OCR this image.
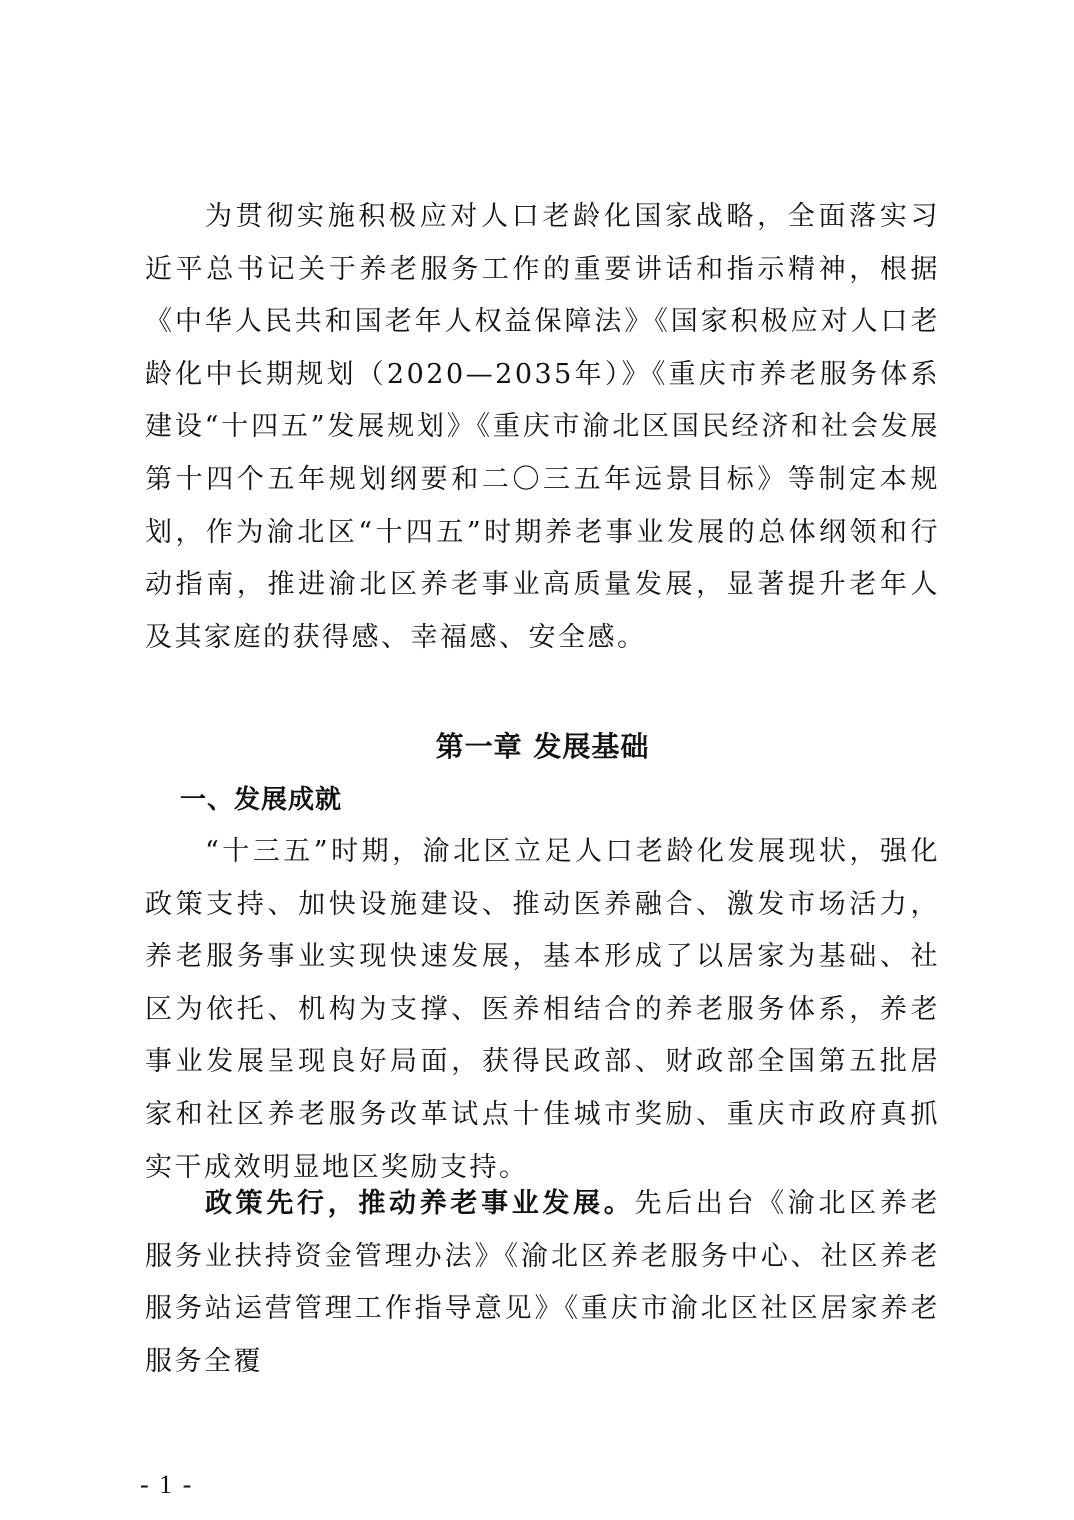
为贯彻实施积极应对人口老龄化国家战略，全面落实习近平总书记关于养老服务工作的重要讲话和指示精神，根据《中华人民共和国老年人权益保障法》《国家积极应对人口老龄化中长期规划（2020—2035年）》《重庆市养老服务体系建设“十四五”发展规划》《重庆市渝北区国民经济和社会发展第十四个五年规划纲要和二〇三五年远景目标》等制定本规划，作为渝北区“十四五”时期养老事业发展的总体纲领和行动指南，推进渝北区养老事业高质量发展，显著提升老年人及其家庭的获得感、幸福感、安全感。

第一章 发展基础
一、发展成就

“十三五”时期，渝北区立足人口老龄化发展现状，强化政策支持、加快设施建设、推动医养融合、激发市场活力，养老服务事业实现快速发展，基本形成了以居家为基础、社区为依托、机构为支撑、医养相结合的养老服务体系，养老事业发展呈现良好局面，获得民政部、财政部全国第五批居家和社区养老服务改革试点十佳城市奖励、重庆市政府真抓实干成效明显地区奖励支持。

政策先行，推动养老事业发展。先后出台《渝北区养老服务业扶持资金管理办法》《渝北区养老服务中心、社区养老服务站运营管理工作指导意见》《重庆市渝北区社区居家养老服务全覆

- 1 -
